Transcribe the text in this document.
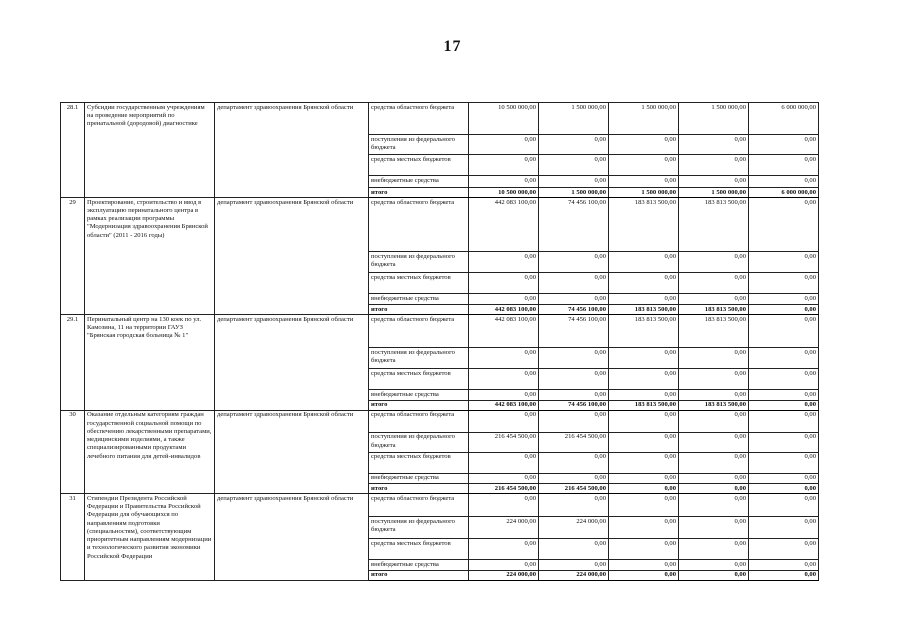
17
28.1	Субсидии государственным учреждениям на проведение мероприятий по пренатальной (дородовой) диагностике	департамент здравоохранения Брянской области	средства областного бюджета	10 500 000,00	1 500 000,00	1 500 000,00	1 500 000,00	6 000 000,00
			поступления из федерального бюджета	0,00	0,00	0,00	0,00	0,00
			средства местных бюджетов	0,00	0,00	0,00	0,00	0,00
			внебюджетные средства	0,00	0,00	0,00	0,00	0,00
			итого	10 500 000,00	1 500 000,00	1 500 000,00	1 500 000,00	6 000 000,00
29	Проектирование, строительство и ввод в эксплуатацию перинатального центра в рамках реализации программы "Модернизация здравоохранения Брянской области" (2011 - 2016 годы)	департамент здравоохранения Брянской области	средства областного бюджета	442 083 100,00	74 456 100,00	183 813 500,00	183 813 500,00	0,00
			поступления из федерального бюджета	0,00	0,00	0,00	0,00	0,00
			средства местных бюджетов	0,00	0,00	0,00	0,00	0,00
			внебюджетные средства	0,00	0,00	0,00	0,00	0,00
			итого	442 083 100,00	74 456 100,00	183 813 500,00	183 813 500,00	0,00
29.1	Перинатальный центр на 130 коек по ул. Камозина, 11 на территории ГАУЗ "Брянская городская больница № 1"	департамент здравоохранения Брянской области	средства областного бюджета	442 083 100,00	74 456 100,00	183 813 500,00	183 813 500,00	0,00
			поступления из федерального бюджета	0,00	0,00	0,00	0,00	0,00
			средства местных бюджетов	0,00	0,00	0,00	0,00	0,00
			внебюджетные средства	0,00	0,00	0,00	0,00	0,00
			итого	442 083 100,00	74 456 100,00	183 813 500,00	183 813 500,00	0,00
30	Оказание отдельным категориям граждан государственной социальной помощи по обеспечению лекарственными препаратами, медицинскими изделиями, а также специализированными продуктами лечебного питания для детей-инвалидов	департамент здравоохранения Брянской области	средства областного бюджета	0,00	0,00	0,00	0,00	0,00
			поступления из федерального бюджета	216 454 500,00	216 454 500,00	0,00	0,00	0,00
			средства местных бюджетов	0,00	0,00	0,00	0,00	0,00
			внебюджетные средства	0,00	0,00	0,00	0,00	0,00
			итого	216 454 500,00	216 454 500,00	0,00	0,00	0,00
31	Стипендии Президента Российской Федерации и Правительства Российской Федерации для обучающихся по направлениям подготовки (специальностям), соответствующим приоритетным направлениям модернизации и технологического развития экономики Российской Федерации	департамент здравоохранения Брянской области	средства областного бюджета	0,00	0,00	0,00	0,00	0,00
			поступления из федерального бюджета	224 000,00	224 000,00	0,00	0,00	0,00
			средства местных бюджетов	0,00	0,00	0,00	0,00	0,00
			внебюджетные средства	0,00	0,00	0,00	0,00	0,00
			итого	224 000,00	224 000,00	0,00	0,00	0,00
